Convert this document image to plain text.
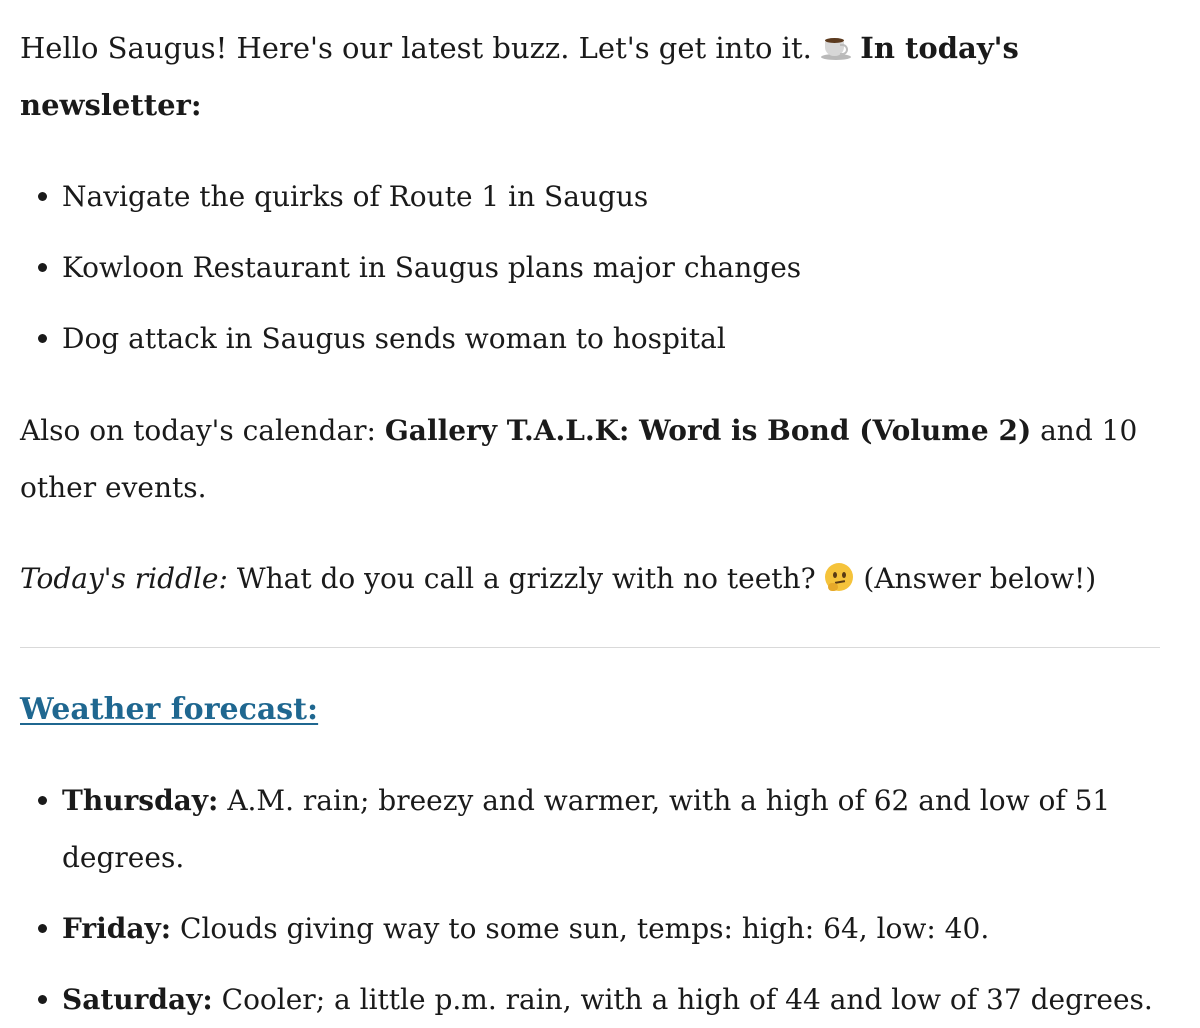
Hello Saugus! Here's our latest buzz. Let's get into it. In today's newsletter:

Navigate the quirks of Route 1 in Saugus
Kowloon Restaurant in Saugus plans major changes
Dog attack in Saugus sends woman to hospital

Also on today's calendar: Gallery T.A.L.K: Word is Bond (Volume 2) and 10 other events.

Today's riddle: What do you call a grizzly with no teeth? (Answer below!)

Weather forecast:

Thursday: A.M. rain; breezy and warmer, with a high of 62 and low of 51 degrees.
Friday: Clouds giving way to some sun, temps: high: 64, low: 40.
Saturday: Cooler; a little p.m. rain, with a high of 44 and low of 37 degrees.
